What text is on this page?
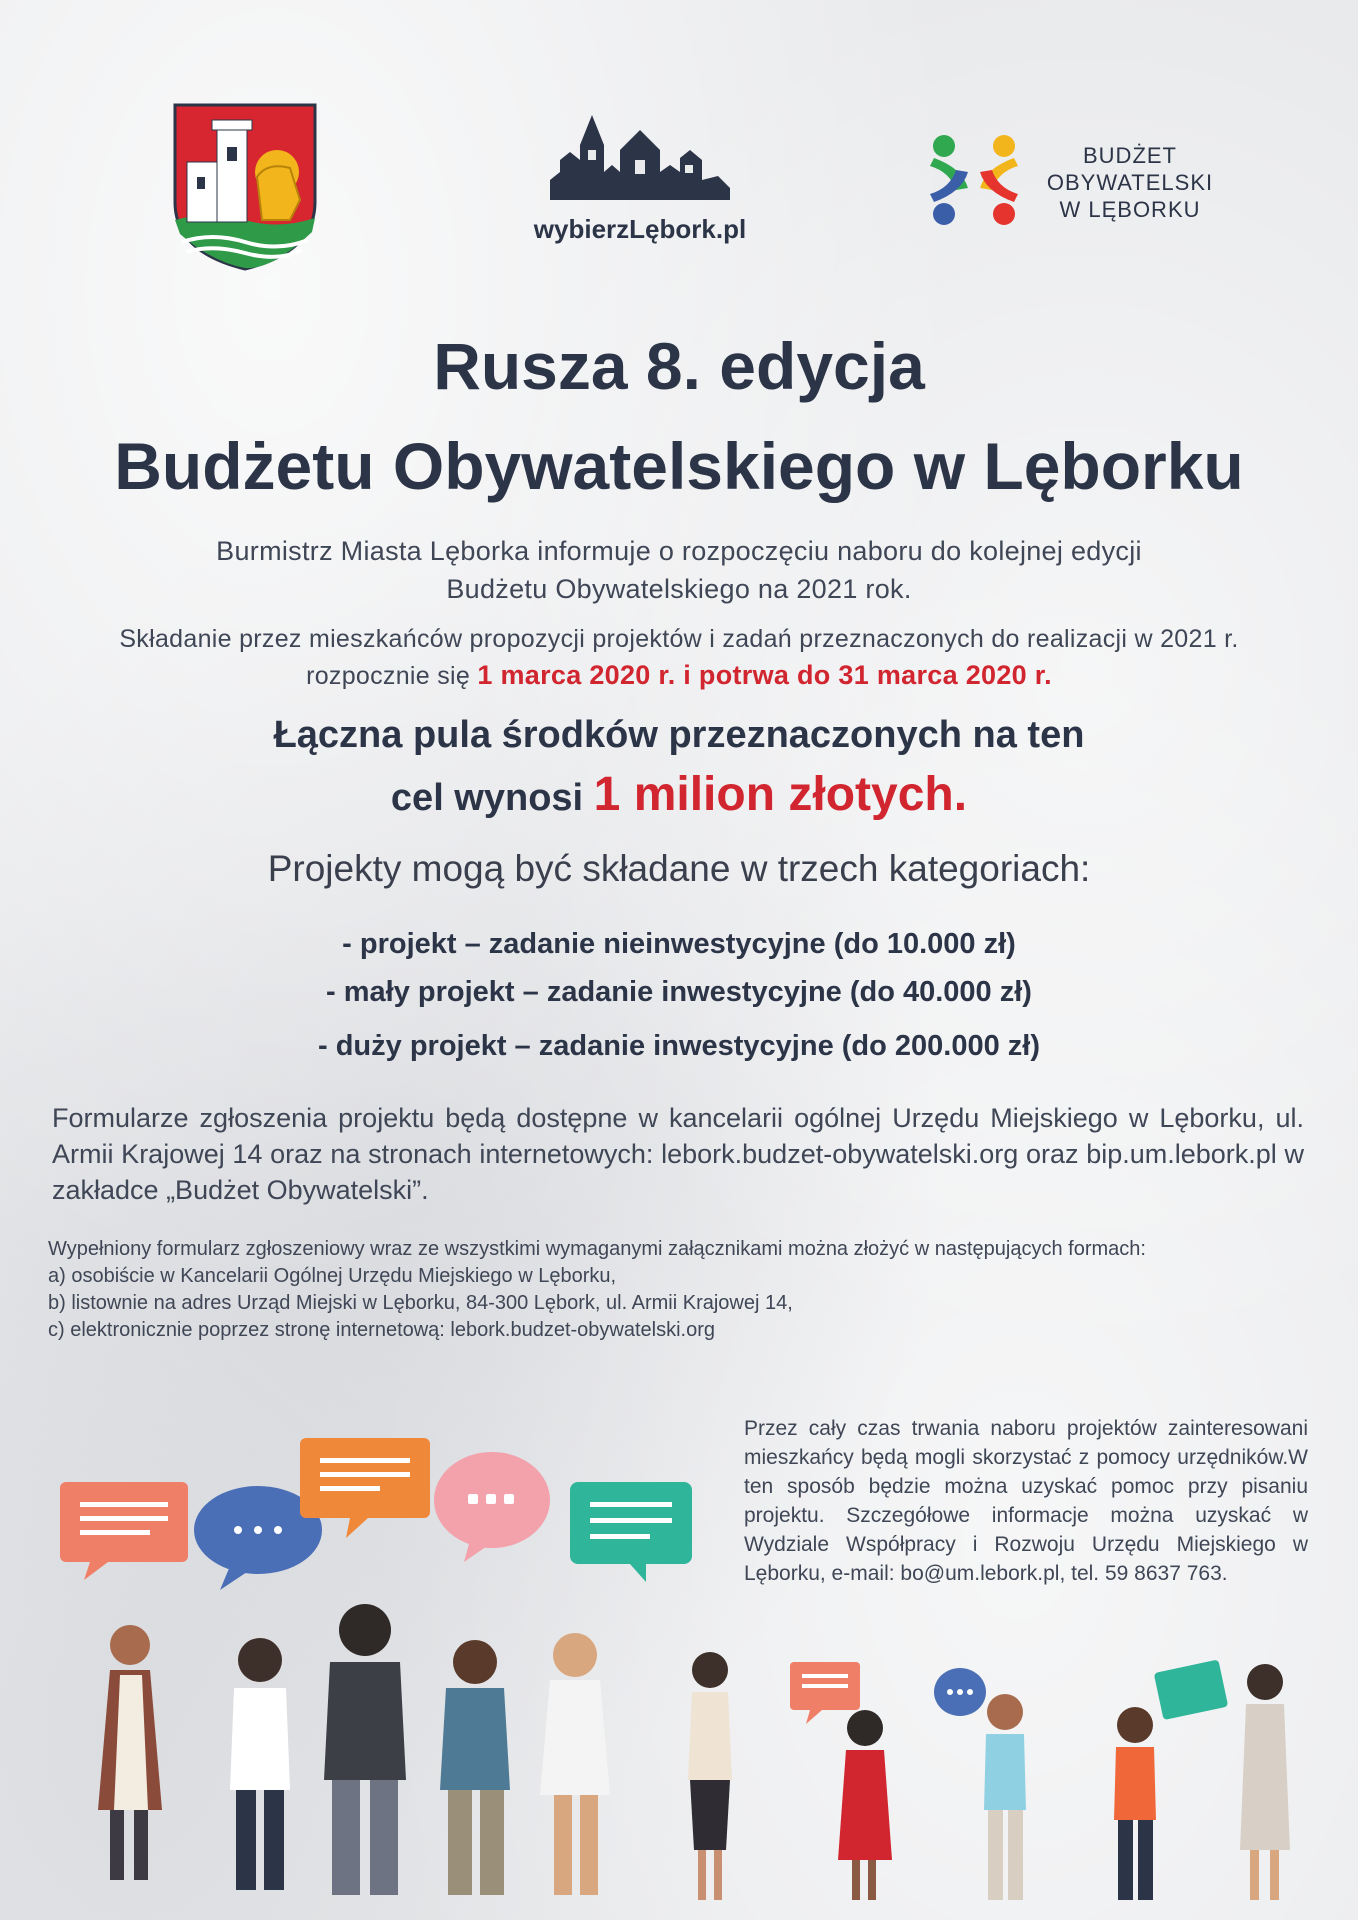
wybierzLębork.pl
BUDŻET
OBYWATELSKI
W LĘBORKU
Rusza 8. edycja
Budżetu Obywatelskiego w Lęborku
Burmistrz Miasta Lęborka informuje o rozpoczęciu naboru do kolejnej edycji
Budżetu Obywatelskiego na 2021 rok.
Składanie przez mieszkańców propozycji projektów i zadań przeznaczonych do realizacji w 2021 r.
rozpocznie się 1 marca 2020 r. i potrwa do 31 marca 2020 r.
Łączna pula środków przeznaczonych na ten
cel wynosi 1 milion złotych.
Projekty mogą być składane w trzech kategoriach:
- projekt – zadanie nieinwestycyjne (do 10.000 zł)
- mały projekt – zadanie inwestycyjne (do 40.000 zł)
- duży projekt – zadanie inwestycyjne (do 200.000 zł)
Formularze zgłoszenia projektu będą dostępne w kancelarii ogólnej Urzędu Miejskiego w Lęborku, ul. Armii Krajowej 14 oraz na stronach internetowych: lebork.budzet-obywatelski.org oraz bip.um.lebork.pl w zakładce „Budżet Obywatelski”.
Wypełniony formularz zgłoszeniowy wraz ze wszystkimi wymaganymi załącznikami można złożyć w następujących formach:
a) osobiście w Kancelarii Ogólnej Urzędu Miejskiego w Lęborku,
b) listownie na adres Urząd Miejski w Lęborku, 84-300 Lębork, ul. Armii Krajowej 14,
c) elektronicznie poprzez stronę internetową: lebork.budzet-obywatelski.org
Przez cały czas trwania naboru projektów zainteresowani mieszkańcy będą mogli skorzystać z pomocy urzędników.W ten sposób będzie można uzyskać pomoc przy pisaniu projektu. Szczegółowe informacje można uzyskać w Wydziale Współpracy i Rozwoju Urzędu Miejskiego w Lęborku, e-mail: bo@um.lebork.pl, tel. 59 8637 763.
